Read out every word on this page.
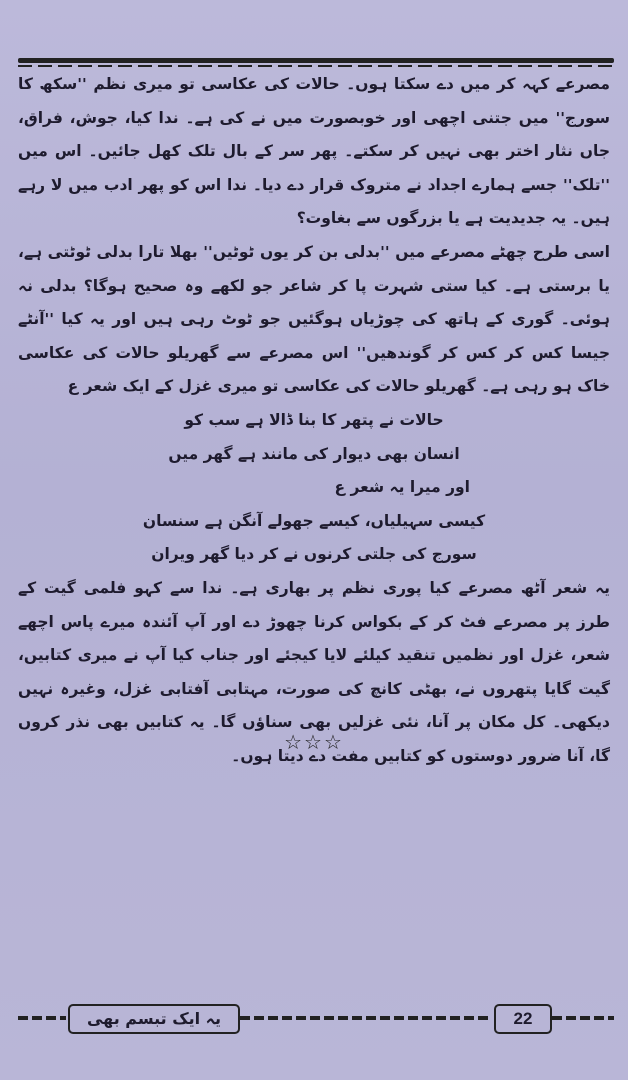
مصرعے کہہ کر میں دے سکتا ہوں۔ حالات کی عکاسی تو میری نظم ''سکھ کا سورج'' میں جتنی اچھی اور خوبصورت میں نے کی ہے۔ ندا کیا، جوش، فراق، جاں نثار اختر بھی نہیں کر سکتے۔ پھر سر کے بال تلک کھل جائیں۔ اس میں ''تلک'' جسے ہمارے اجداد نے متروک قرار دے دیا۔ ندا اس کو پھر ادب میں لا رہے ہیں۔ یہ جدیدیت ہے یا بزرگوں سے بغاوت؟

اسی طرح چھٹے مصرعے میں ''بدلی بن کر یوں ٹوٹیں'' بھلا تارا بدلی ٹوٹتی ہے، یا برستی ہے۔ کیا ستی شہرت پا کر شاعر جو لکھے وہ صحیح ہوگا؟ بدلی نہ ہوئی۔ گوری کے ہاتھ کی چوڑیاں ہوگئیں جو ٹوٹ رہی ہیں اور یہ کیا ''آنٹے جیسا کس کر کس کر گوندھیں'' اس مصرعے سے گھریلو حالات کی عکاسی خاک ہو رہی ہے۔ گھریلو حالات کی عکاسی تو میری غزل کے ایک شعر ع

حالات نے پتھر کا بنا ڈالا ہے سب کو
انسان بھی دیوار کی مانند ہے گھر میں

اور میرا یہ شعر ع

کیسی سہیلیاں، کیسے جھولے آنگن ہے سنسان
سورج کی جلتی کرنوں نے کر دیا گھر ویران

یہ شعر آٹھ مصرعے کیا پوری نظم پر بھاری ہے۔ ندا سے کہو فلمی گیت کے طرز پر مصرعے فٹ کر کے بکواس کرنا چھوڑ دے اور آپ آئندہ میرے پاس اچھے شعر، غزل اور نظمیں تنقید کیلئے لایا کیجئے اور جناب کیا آپ نے میری کتابیں، گیت گایا پتھروں نے، بھٹی کانچ کی صورت، مہتابی آفتابی غزل، وغیرہ نہیں دیکھی۔ کل مکان پر آنا، نئی غزلیں بھی سناؤں گا۔ یہ کتابیں بھی نذر کروں گا، آنا ضرور دوستوں کو کتابیں مفت دے دیتا ہوں۔

☆☆☆
یہ ایک تبسم بھی	22
